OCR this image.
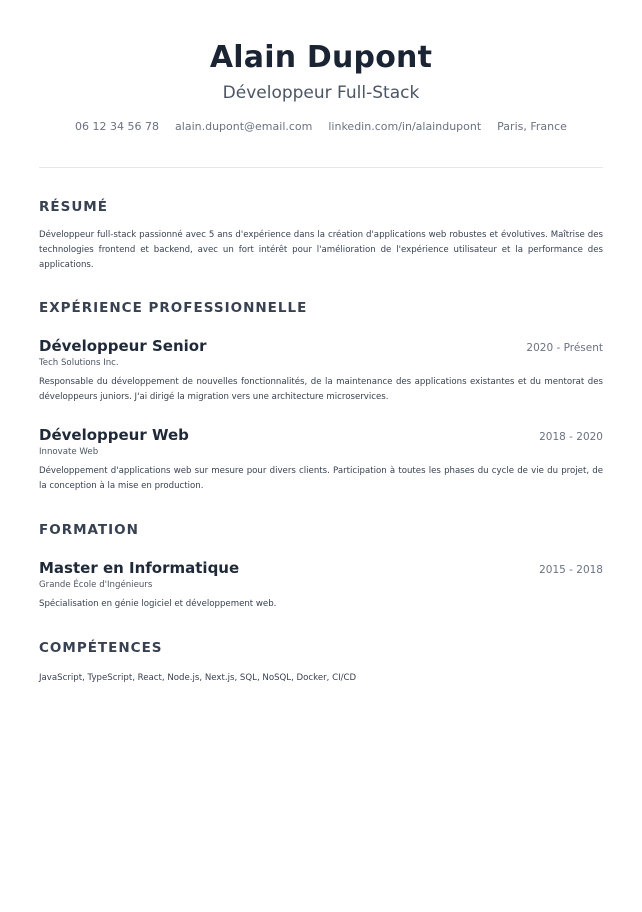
Alain Dupont
Développeur Full-Stack
06 12 34 56 78 alain.dupont@email.com linkedin.com/in/alaindupont Paris, France
RÉSUMÉ
Développeur full-stack passionné avec 5 ans d'expérience dans la création d'applications web robustes et évolutives. Maîtrise des technologies frontend et backend, avec un fort intérêt pour l'amélioration de l'expérience utilisateur et la performance des applications.
EXPÉRIENCE PROFESSIONNELLE
Développeur Senior	2020 - Présent
Tech Solutions Inc.
Responsable du développement de nouvelles fonctionnalités, de la maintenance des applications existantes et du mentorat des développeurs juniors. J'ai dirigé la migration vers une architecture microservices.
Développeur Web	2018 - 2020
Innovate Web
Développement d'applications web sur mesure pour divers clients. Participation à toutes les phases du cycle de vie du projet, de la conception à la mise en production.
FORMATION
Master en Informatique	2015 - 2018
Grande École d'Ingénieurs
Spécialisation en génie logiciel et développement web.
COMPÉTENCES
JavaScript, TypeScript, React, Node.js, Next.js, SQL, NoSQL, Docker, CI/CD
